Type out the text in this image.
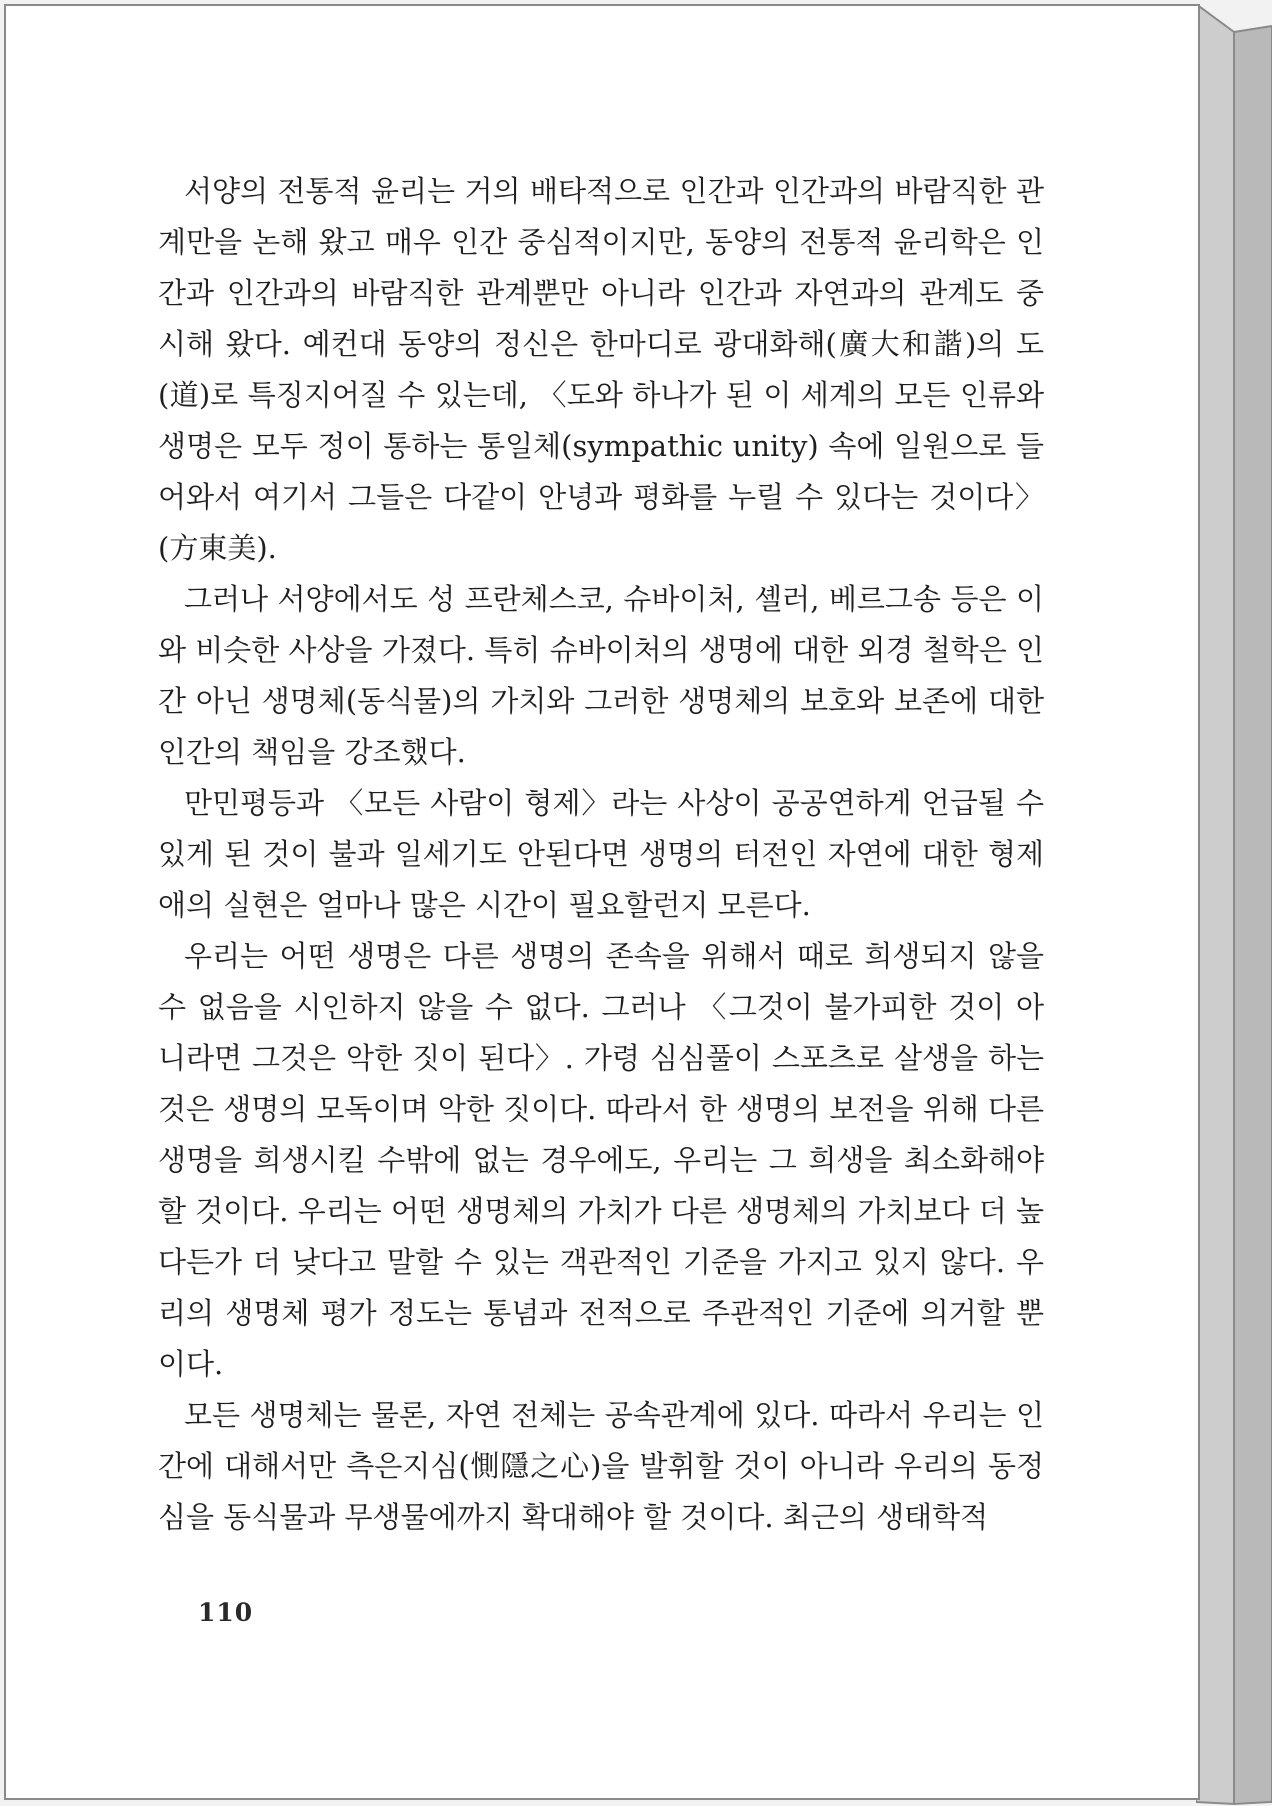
서양의 전통적 윤리는 거의 배타적으로 인간과 인간과의 바람직한 관계만을 논해 왔고 매우 인간 중심적이지만, 동양의 전통적 윤리학은 인간과 인간과의 바람직한 관계뿐만 아니라 인간과 자연과의 관계도 중시해 왔다. 예컨대 동양의 정신은 한마디로 광대화해(廣大和諧)의 도(道)로 특징지어질 수 있는데, 〈도와 하나가 된 이 세계의 모든 인류와 생명은 모두 정이 통하는 통일체(sympathic unity) 속에 일원으로 들어와서 여기서 그들은 다같이 안녕과 평화를 누릴 수 있다는 것이다〉(方東美).

그러나 서양에서도 성 프란체스코, 슈바이처, 셸러, 베르그송 등은 이와 비슷한 사상을 가졌다. 특히 슈바이처의 생명에 대한 외경 철학은 인간 아닌 생명체(동식물)의 가치와 그러한 생명체의 보호와 보존에 대한 인간의 책임을 강조했다.

만민평등과 〈모든 사람이 형제〉라는 사상이 공공연하게 언급될 수 있게 된 것이 불과 일세기도 안된다면 생명의 터전인 자연에 대한 형제애의 실현은 얼마나 많은 시간이 필요할런지 모른다.

우리는 어떤 생명은 다른 생명의 존속을 위해서 때로 희생되지 않을 수 없음을 시인하지 않을 수 없다. 그러나 〈그것이 불가피한 것이 아니라면 그것은 악한 짓이 된다〉. 가령 심심풀이 스포츠로 살생을 하는 것은 생명의 모독이며 악한 짓이다. 따라서 한 생명의 보전을 위해 다른 생명을 희생시킬 수밖에 없는 경우에도, 우리는 그 희생을 최소화해야 할 것이다. 우리는 어떤 생명체의 가치가 다른 생명체의 가치보다 더 높다든가 더 낮다고 말할 수 있는 객관적인 기준을 가지고 있지 않다. 우리의 생명체 평가 정도는 통념과 전적으로 주관적인 기준에 의거할 뿐이다.

모든 생명체는 물론, 자연 전체는 공속관계에 있다. 따라서 우리는 인간에 대해서만 측은지심(惻隱之心)을 발휘할 것이 아니라 우리의 동정심을 동식물과 무생물에까지 확대해야 할 것이다. 최근의 생태학적

110
